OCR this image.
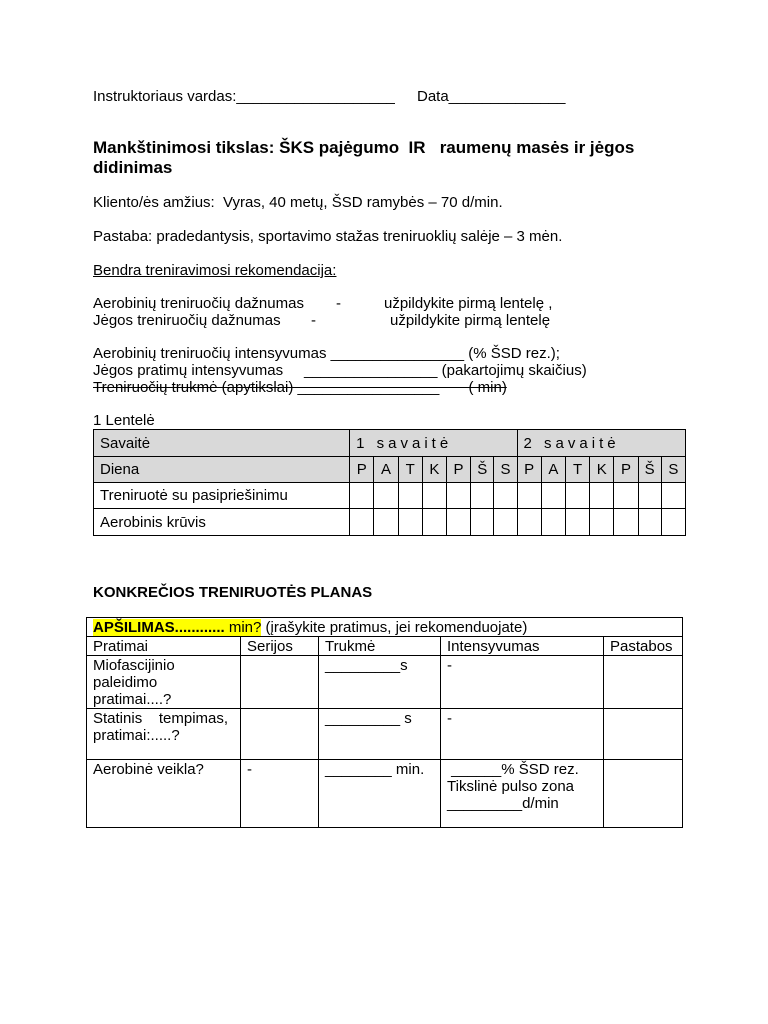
Instruktoriaus vardas:___________________ Data______________
Mankštinimosi tikslas: ŠKS pajėgumo  IR   raumenų masės ir jėgos
didinimas
Kliento/ės amžius:  Vyras, 40 metų, ŠSD ramybės – 70 d/min.
Pastaba: pradedantysis, sportavimo stažas treniruoklių salėje – 3 mėn.
Bendra treniravimosi rekomendacija:
Aerobinių treniruočių dažnumas -	užpildykite pirmą lentelę ,
Jėgos treniruočių dažnumas -	užpildykite pirmą lentelę
Aerobinių treniruočių intensyvumas ________________ (% ŠSD rez.);
Jėgos pratimų intensyvumas ________________ (pakartojimų skaičius)
Treniruočių trukmė (apytikslai) _________________       ( min)
1 Lentelė
Savaitė	1 savaitė							2 savaitė						
Diena	P	A	T	K	P	Š	S	P	A	T	K	P	Š	S
Treniruotė su pasipriešinimu														
Aerobinis krūvis														
KONKREČIOS TRENIRUOTĖS PLANAS
APŠILIMAS............ min? (įrašykite pratimus, jei rekomenduojate)				
Pratimai	Serijos	Trukmė	Intensyvumas	Pastabos
Miofascijinio paleidimo pratimai....?		_________s	-	
Statinis    tempimas, pratimai:.....?		_________ s	-	
Aerobinė veikla?	-	________ min.	______% ŠSD rez.
Tikslinė pulso zona
_________d/min	
